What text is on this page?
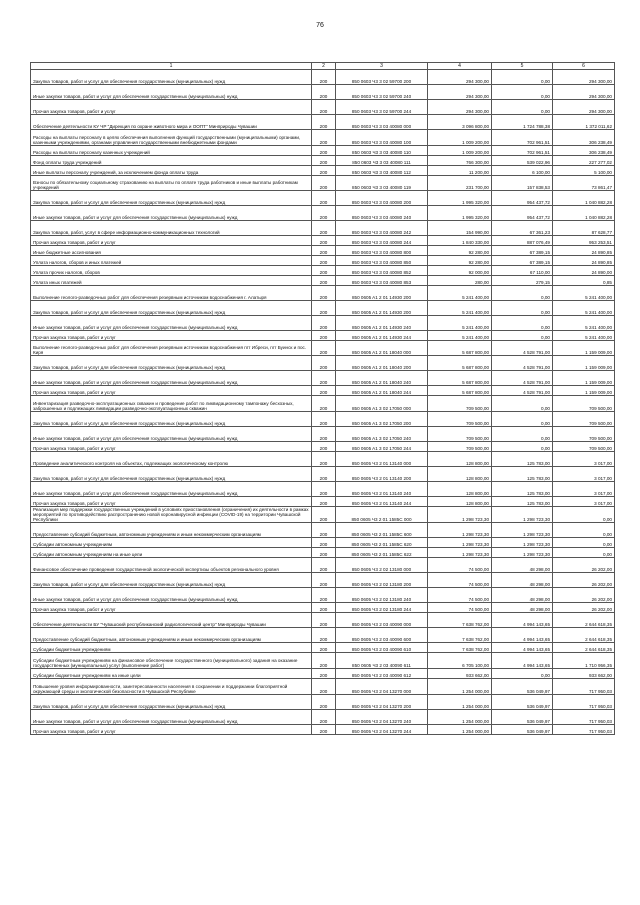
76
1	2	3	4	5	6
Закупка товаров, работ и услуг для обеспечения государственных (муниципальных) нужд	200	850 0603 Ч3 3 02 59700 200	294 300,00	0,00	294 300,00
Иные закупки товаров, работ и услуг для обеспечения государственных (муниципальных) нужд	200	850 0603 Ч3 3 02 59700 240	294 300,00	0,00	294 300,00
Прочая закупка товаров, работ и услуг	200	850 0603 Ч3 3 02 59700 244	294 300,00	0,00	294 300,00
Обеспечение деятельности КУ ЧР "Дирекция по охране животного мира и ООПТ" Минприроды Чувашии	200	850 0603 Ч3 3 03 40080 000	3 096 800,00	1 724 788,38	1 372 011,62
Расходы на выплаты персоналу в целях обеспечения выполнения функций государственными (муниципальными) органами, казенными учреждениями, органами управления государственными внебюджетными фондами	200	850 0603 Ч3 3 03 40080 100	1 009 200,00	702 961,51	306 238,49
Расходы на выплаты персоналу казенных учреждений	200	850 0603 Ч3 3 03 40080 110	1 009 200,00	702 961,51	306 238,49
Фонд оплаты труда учреждений	200	850 0603 Ч3 3 03 40080 111	766 300,00	539 022,96	227 277,02
Иные выплаты персоналу учреждений, за исключением фонда оплаты труда	200	850 0603 Ч3 3 03 40080 112	11 200,00	6 100,00	5 100,00
Взносы по обязательному социальному страхованию на выплаты по оплате труда работников и иные выплаты работникам учреждений	200	850 0603 Ч3 3 03 40080 119	231 700,00	157 838,53	73 861,47
Закупка товаров, работ и услуг для обеспечения государственных (муниципальных) нужд	200	850 0603 Ч3 3 03 40080 200	1 995 320,00	954 437,72	1 040 882,28
Иные закупки товаров, работ и услуг для обеспечения государственных (муниципальных) нужд	200	850 0603 Ч3 3 03 40080 240	1 995 320,00	954 437,72	1 040 882,28
Закупка товаров, работ, услуг в сфере информационно-коммуникационных технологий	200	850 0603 Ч3 3 03 40080 242	154 990,00	67 361,23	87 628,77
Прочая закупка товаров, работ и услуг	200	850 0603 Ч3 3 03 40080 244	1 840 330,00	887 076,49	953 253,51
Иные бюджетные ассигнования	200	850 0603 Ч3 3 03 40080 800	92 280,00	67 389,15	24 890,85
Уплата налогов, сборов и иных платежей	200	850 0603 Ч3 3 03 40080 850	92 280,00	67 389,15	24 890,85
Уплата прочих налогов, сборов	200	850 0603 Ч3 3 03 40080 852	92 000,00	67 110,00	24 890,00
Уплата иных платежей	200	850 0603 Ч3 3 03 40080 853	280,00	279,15	0,85
Выполнение геолого-разведочных работ для обеспечения резервным источником водоснабжения г. Алатыря	200	850 0605 A1 2 01 14930 200	5 241 400,00	0,00	5 241 400,00
Закупка товаров, работ и услуг для обеспечения государственных (муниципальных) нужд	200	850 0605 A1 2 01 14930 200	5 241 400,00	0,00	5 241 400,00
Иные закупки товаров, работ и услуг для обеспечения государственных (муниципальных) нужд	200	850 0605 A1 2 01 14930 240	5 241 400,00	0,00	5 241 400,00
Прочая закупка товаров, работ и услуг	200	850 0605 A1 2 01 14930 244	5 241 400,00	0,00	5 241 400,00
Выполнение геолого-разведочных работ для обеспечения резервным источником водоснабжения пгт Ибреси, пгт Буинск и пос. Киря	200	850 0605 A1 2 01 18040 000	5 687 800,00	4 528 791,00	1 159 009,00
Закупка товаров, работ и услуг для обеспечения государственных (муниципальных) нужд	200	850 0605 A1 2 01 18040 200	5 687 800,00	4 528 791,00	1 159 009,00
Иные закупки товаров, работ и услуг для обеспечения государственных (муниципальных) нужд	200	850 0605 A1 2 01 18040 240	5 687 800,00	4 528 791,00	1 159 009,00
Прочая закупка товаров, работ и услуг	200	850 0605 A1 2 01 18040 244	5 687 800,00	4 528 791,00	1 159 009,00
Инвентаризация разведочно-эксплуатационных скважин и проведение работ по ликвидационному тампонажу бесхозных, заброшенных и подлежащих ликвидации разведочно-эксплуатационных скважин	200	850 0605 A1 3 02 17050 000	709 500,00	0,00	709 500,00
Закупка товаров, работ и услуг для обеспечения государственных (муниципальных) нужд	200	850 0605 A1 3 02 17050 200	709 500,00	0,00	709 500,00
Иные закупки товаров, работ и услуг для обеспечения государственных (муниципальных) нужд	200	850 0605 A1 3 02 17050 240	709 500,00	0,00	709 500,00
Прочая закупка товаров, работ и услуг	200	850 0605 A1 3 02 17050 244	709 500,00	0,00	709 500,00
Проведение аналитического контроля на объектах, подлежащих экологическому контролю	200	850 0605 Ч3 2 01 13140 000	128 800,00	125 783,00	3 017,00
Закупка товаров, работ и услуг для обеспечения государственных (муниципальных) нужд	200	850 0605 Ч3 2 01 13140 200	128 800,00	125 783,00	3 017,00
Иные закупки товаров, работ и услуг для обеспечения государственных (муниципальных) нужд	200	850 0605 Ч3 2 01 13140 240	128 800,00	125 783,00	3 017,00
Прочая закупка товаров, работ и услуг	200	850 0605 Ч3 2 01 13140 244	128 800,00	125 783,00	3 017,00
Реализация мер поддержки государственных учреждений в условиях приостановления (ограничения) их деятельности в рамках мероприятий по противодействию распространению новой коронавирусной инфекции (COVID-19) на территории Чувашской Республики	200	850 0605 Ч3 2 01 1585С 000	1 298 723,30	1 298 723,30	0,00
Предоставление субсидий бюджетным, автономным учреждениям и иным некоммерческим организациям	200	850 0605 Ч3 2 01 1585С 600	1 298 723,30	1 298 723,30	0,00
Субсидии автономным учреждениям	200	850 0605 Ч3 2 01 1585С 620	1 298 723,30	1 298 723,30	0,00
Субсидии автономным учреждениям на иные цели	200	850 0605 Ч3 2 01 1585С 622	1 298 723,30	1 298 723,30	0,00
Финансовое обеспечение проведения государственной экологической экспертизы объектов регионального уровня	200	850 0605 Ч3 2 02 13180 000	74 500,00	48 298,00	26 202,00
Закупка товаров, работ и услуг для обеспечения государственных (муниципальных) нужд	200	850 0605 Ч3 2 02 13180 200	74 500,00	48 298,00	26 202,00
Иные закупки товаров, работ и услуг для обеспечения государственных (муниципальных) нужд	200	850 0605 Ч3 2 02 13180 240	74 500,00	48 298,00	26 202,00
Прочая закупка товаров, работ и услуг	200	850 0605 Ч3 2 02 13180 244	74 500,00	48 298,00	26 202,00
Обеспечение деятельности БУ "Чувашский республиканский радиологический центр" Минприроды Чувашии	200	850 0605 Ч3 2 03 40090 000	7 638 762,00	4 994 143,65	2 644 618,35
Предоставление субсидий бюджетным, автономным учреждениям и иным некоммерческим организациям	200	850 0605 Ч3 2 03 40090 600	7 638 762,00	4 994 143,65	2 644 618,35
Субсидии бюджетным учреждениям	200	850 0605 Ч3 2 03 40090 610	7 638 762,00	4 994 143,65	2 644 618,35
Субсидии бюджетным учреждениям на финансовое обеспечение государственного (муниципального) задания на оказание государственных (муниципальных) услуг (выполнение работ)	200	850 0605 Ч3 2 03 40090 611	6 705 100,00	4 994 143,65	1 710 956,35
Субсидии бюджетным учреждениям на иные цели	200	850 0605 Ч3 2 03 40090 612	933 662,00	0,00	933 662,00
Повышение уровня информированности, заинтересованности населения в сохранении и поддержании благоприятной окружающей среды и экологической безопасности в Чувашской Республике	200	850 0605 Ч3 2 04 13270 000	1 254 000,00	536 049,97	717 950,03
Закупка товаров, работ и услуг для обеспечения государственных (муниципальных) нужд	200	850 0605 Ч3 2 04 13270 200	1 254 000,00	536 049,97	717 950,03
Иные закупки товаров, работ и услуг для обеспечения государственных (муниципальных) нужд	200	850 0605 Ч3 2 04 13270 240	1 254 000,00	536 049,97	717 950,03
Прочая закупка товаров, работ и услуг	200	850 0605 Ч3 2 04 13270 244	1 254 000,00	536 049,97	717 950,03
